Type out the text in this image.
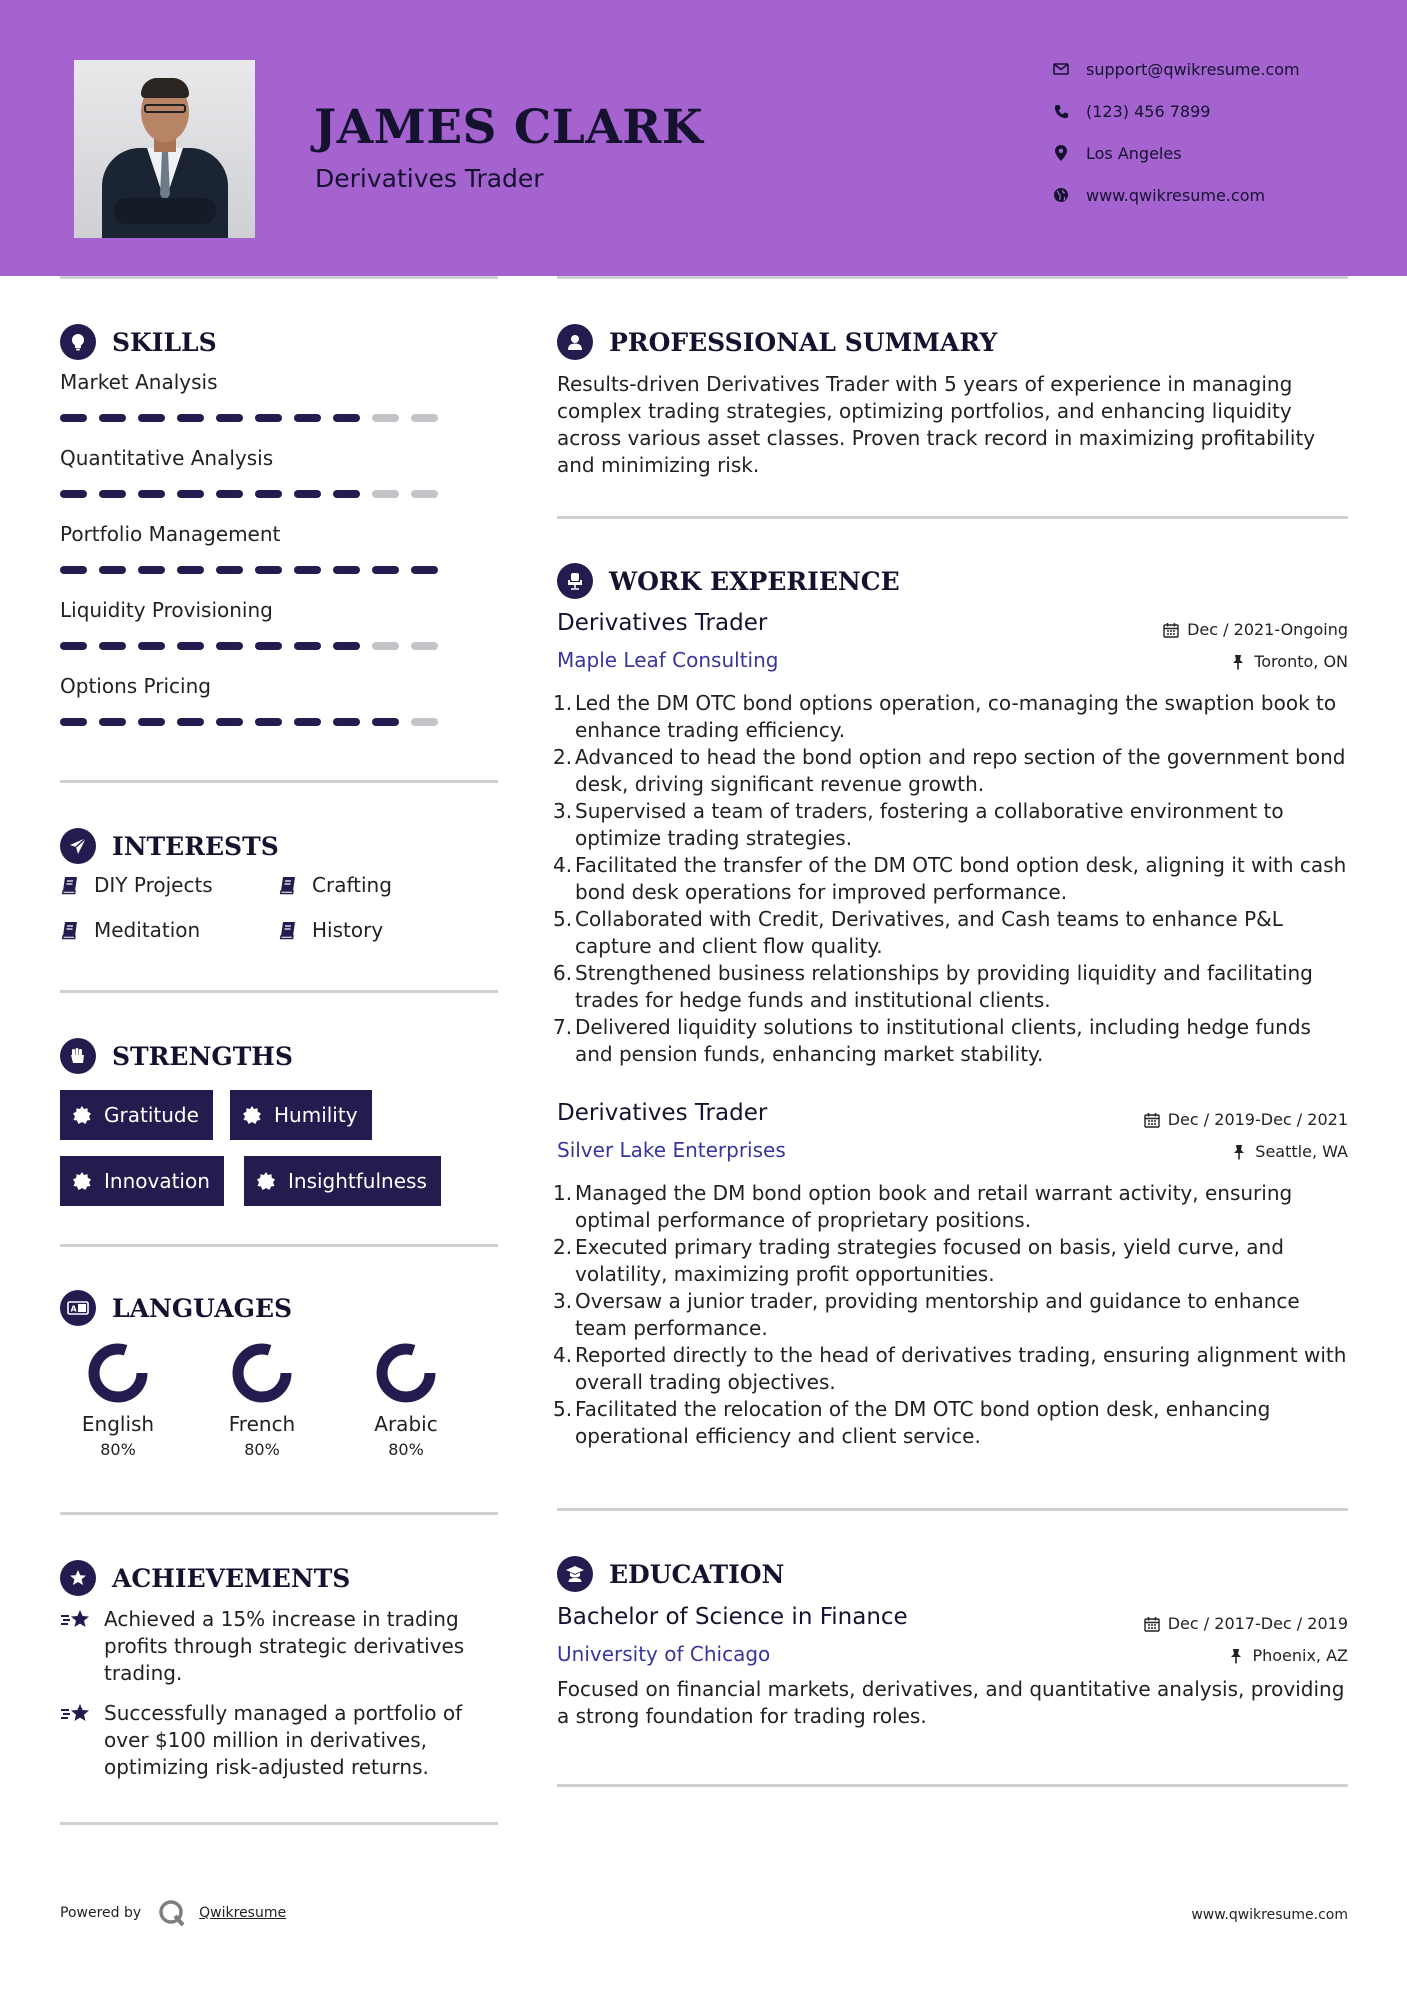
JAMES CLARK
Derivatives Trader
support@qwikresume.com
(123) 456 7899
Los Angeles
www.qwikresume.com
SKILLS
Market Analysis
Quantitative Analysis
Portfolio Management
Liquidity Provisioning
Options Pricing
INTERESTS
DIY Projects	Crafting
Meditation	History
STRENGTHS
Gratitude	Humility
Innovation	Insightfulness
A LANGUAGES
English
80%
French
80%
Arabic
80%
ACHIEVEMENTS
Achieved a 15% increase in trading profits through strategic derivatives trading.
Successfully managed a portfolio of over $100 million in derivatives, optimizing risk-adjusted returns.
PROFESSIONAL SUMMARY
Results-driven Derivatives Trader with 5 years of experience in managing complex trading strategies, optimizing portfolios, and enhancing liquidity across various asset classes. Proven track record in maximizing profitability and minimizing risk.
WORK EXPERIENCE
Derivatives Trader	Dec / 2021-Ongoing
Maple Leaf Consulting	Toronto, ON
1. Led the DM OTC bond options operation, co-managing the swaption book to enhance trading efficiency.
2. Advanced to head the bond option and repo section of the government bond desk, driving significant revenue growth.
3. Supervised a team of traders, fostering a collaborative environment to optimize trading strategies.
4. Facilitated the transfer of the DM OTC bond option desk, aligning it with cash bond desk operations for improved performance.
5. Collaborated with Credit, Derivatives, and Cash teams to enhance P&L capture and client flow quality.
6. Strengthened business relationships by providing liquidity and facilitating trades for hedge funds and institutional clients.
7. Delivered liquidity solutions to institutional clients, including hedge funds and pension funds, enhancing market stability.
Derivatives Trader	Dec / 2019-Dec / 2021
Silver Lake Enterprises	Seattle, WA
1. Managed the DM bond option book and retail warrant activity, ensuring optimal performance of proprietary positions.
2. Executed primary trading strategies focused on basis, yield curve, and volatility, maximizing profit opportunities.
3. Oversaw a junior trader, providing mentorship and guidance to enhance team performance.
4. Reported directly to the head of derivatives trading, ensuring alignment with overall trading objectives.
5. Facilitated the relocation of the DM OTC bond option desk, enhancing operational efficiency and client service.
EDUCATION
Bachelor of Science in Finance	Dec / 2017-Dec / 2019
University of Chicago	Phoenix, AZ
Focused on financial markets, derivatives, and quantitative analysis, providing a strong foundation for trading roles.
Powered by	Qwikresume	www.qwikresume.com
